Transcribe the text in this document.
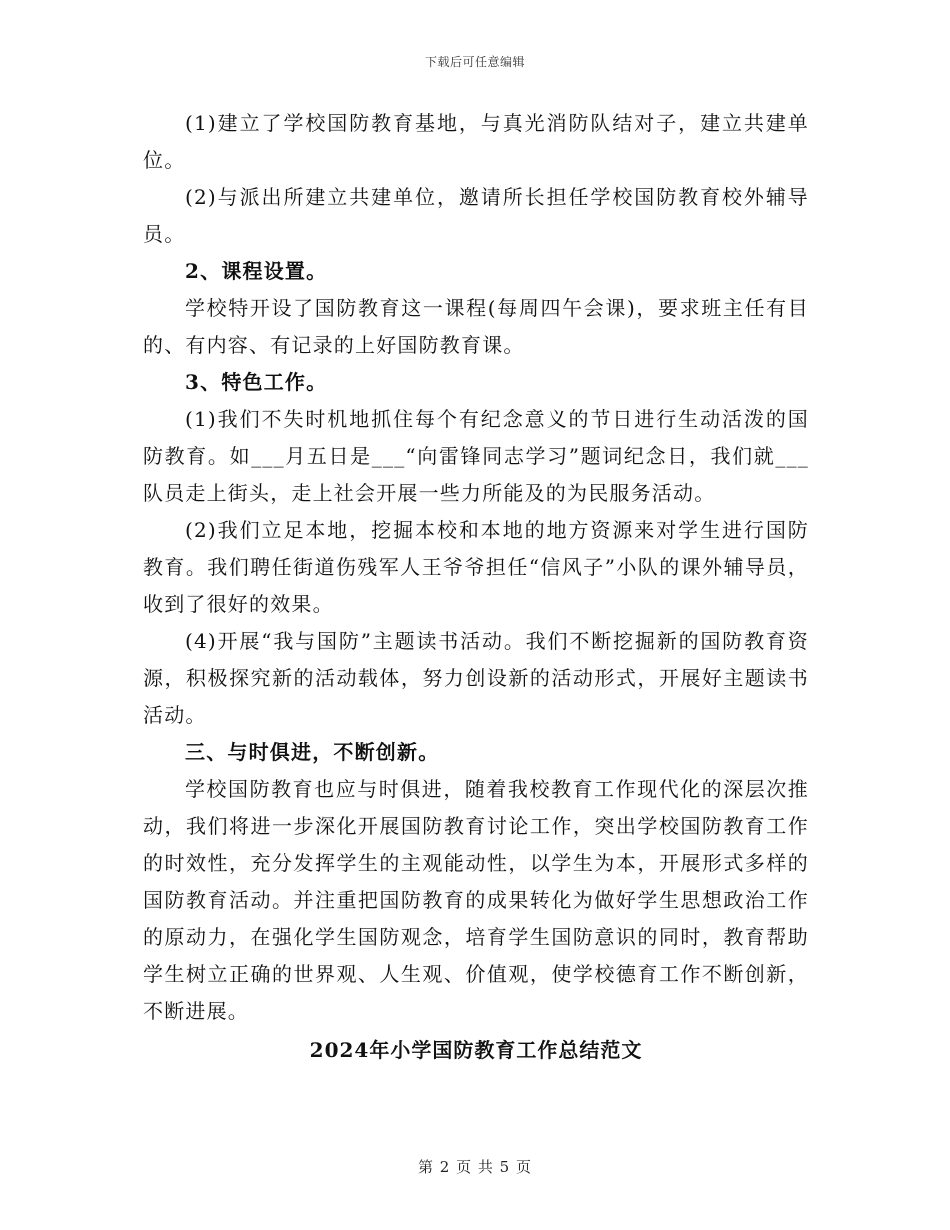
下载后可任意编辑

(1)建立了学校国防教育基地，与真光消防队结对子，建立共建单位。

(2)与派出所建立共建单位，邀请所长担任学校国防教育校外辅导员。

2、课程设置。

学校特开设了国防教育这一课程(每周四午会课)，要求班主任有目的、有内容、有记录的上好国防教育课。

3、特色工作。

(1)我们不失时机地抓住每个有纪念意义的节日进行生动活泼的国防教育。如___月五日是___“向雷锋同志学习”题词纪念日，我们就___队员走上街头，走上社会开展一些力所能及的为民服务活动。

(2)我们立足本地，挖掘本校和本地的地方资源来对学生进行国防教育。我们聘任街道伤残军人王爷爷担任“信风子”小队的课外辅导员，收到了很好的效果。

(4)开展“我与国防”主题读书活动。我们不断挖掘新的国防教育资源，积极探究新的活动载体，努力创设新的活动形式，开展好主题读书活动。

三、与时俱进，不断创新。

学校国防教育也应与时俱进，随着我校教育工作现代化的深层次推动，我们将进一步深化开展国防教育讨论工作，突出学校国防教育工作的时效性，充分发挥学生的主观能动性，以学生为本，开展形式多样的国防教育活动。并注重把国防教育的成果转化为做好学生思想政治工作的原动力，在强化学生国防观念，培育学生国防意识的同时，教育帮助学生树立正确的世界观、人生观、价值观，使学校德育工作不断创新，不断进展。

2024年小学国防教育工作总结范文

第 2 页 共 5 页
